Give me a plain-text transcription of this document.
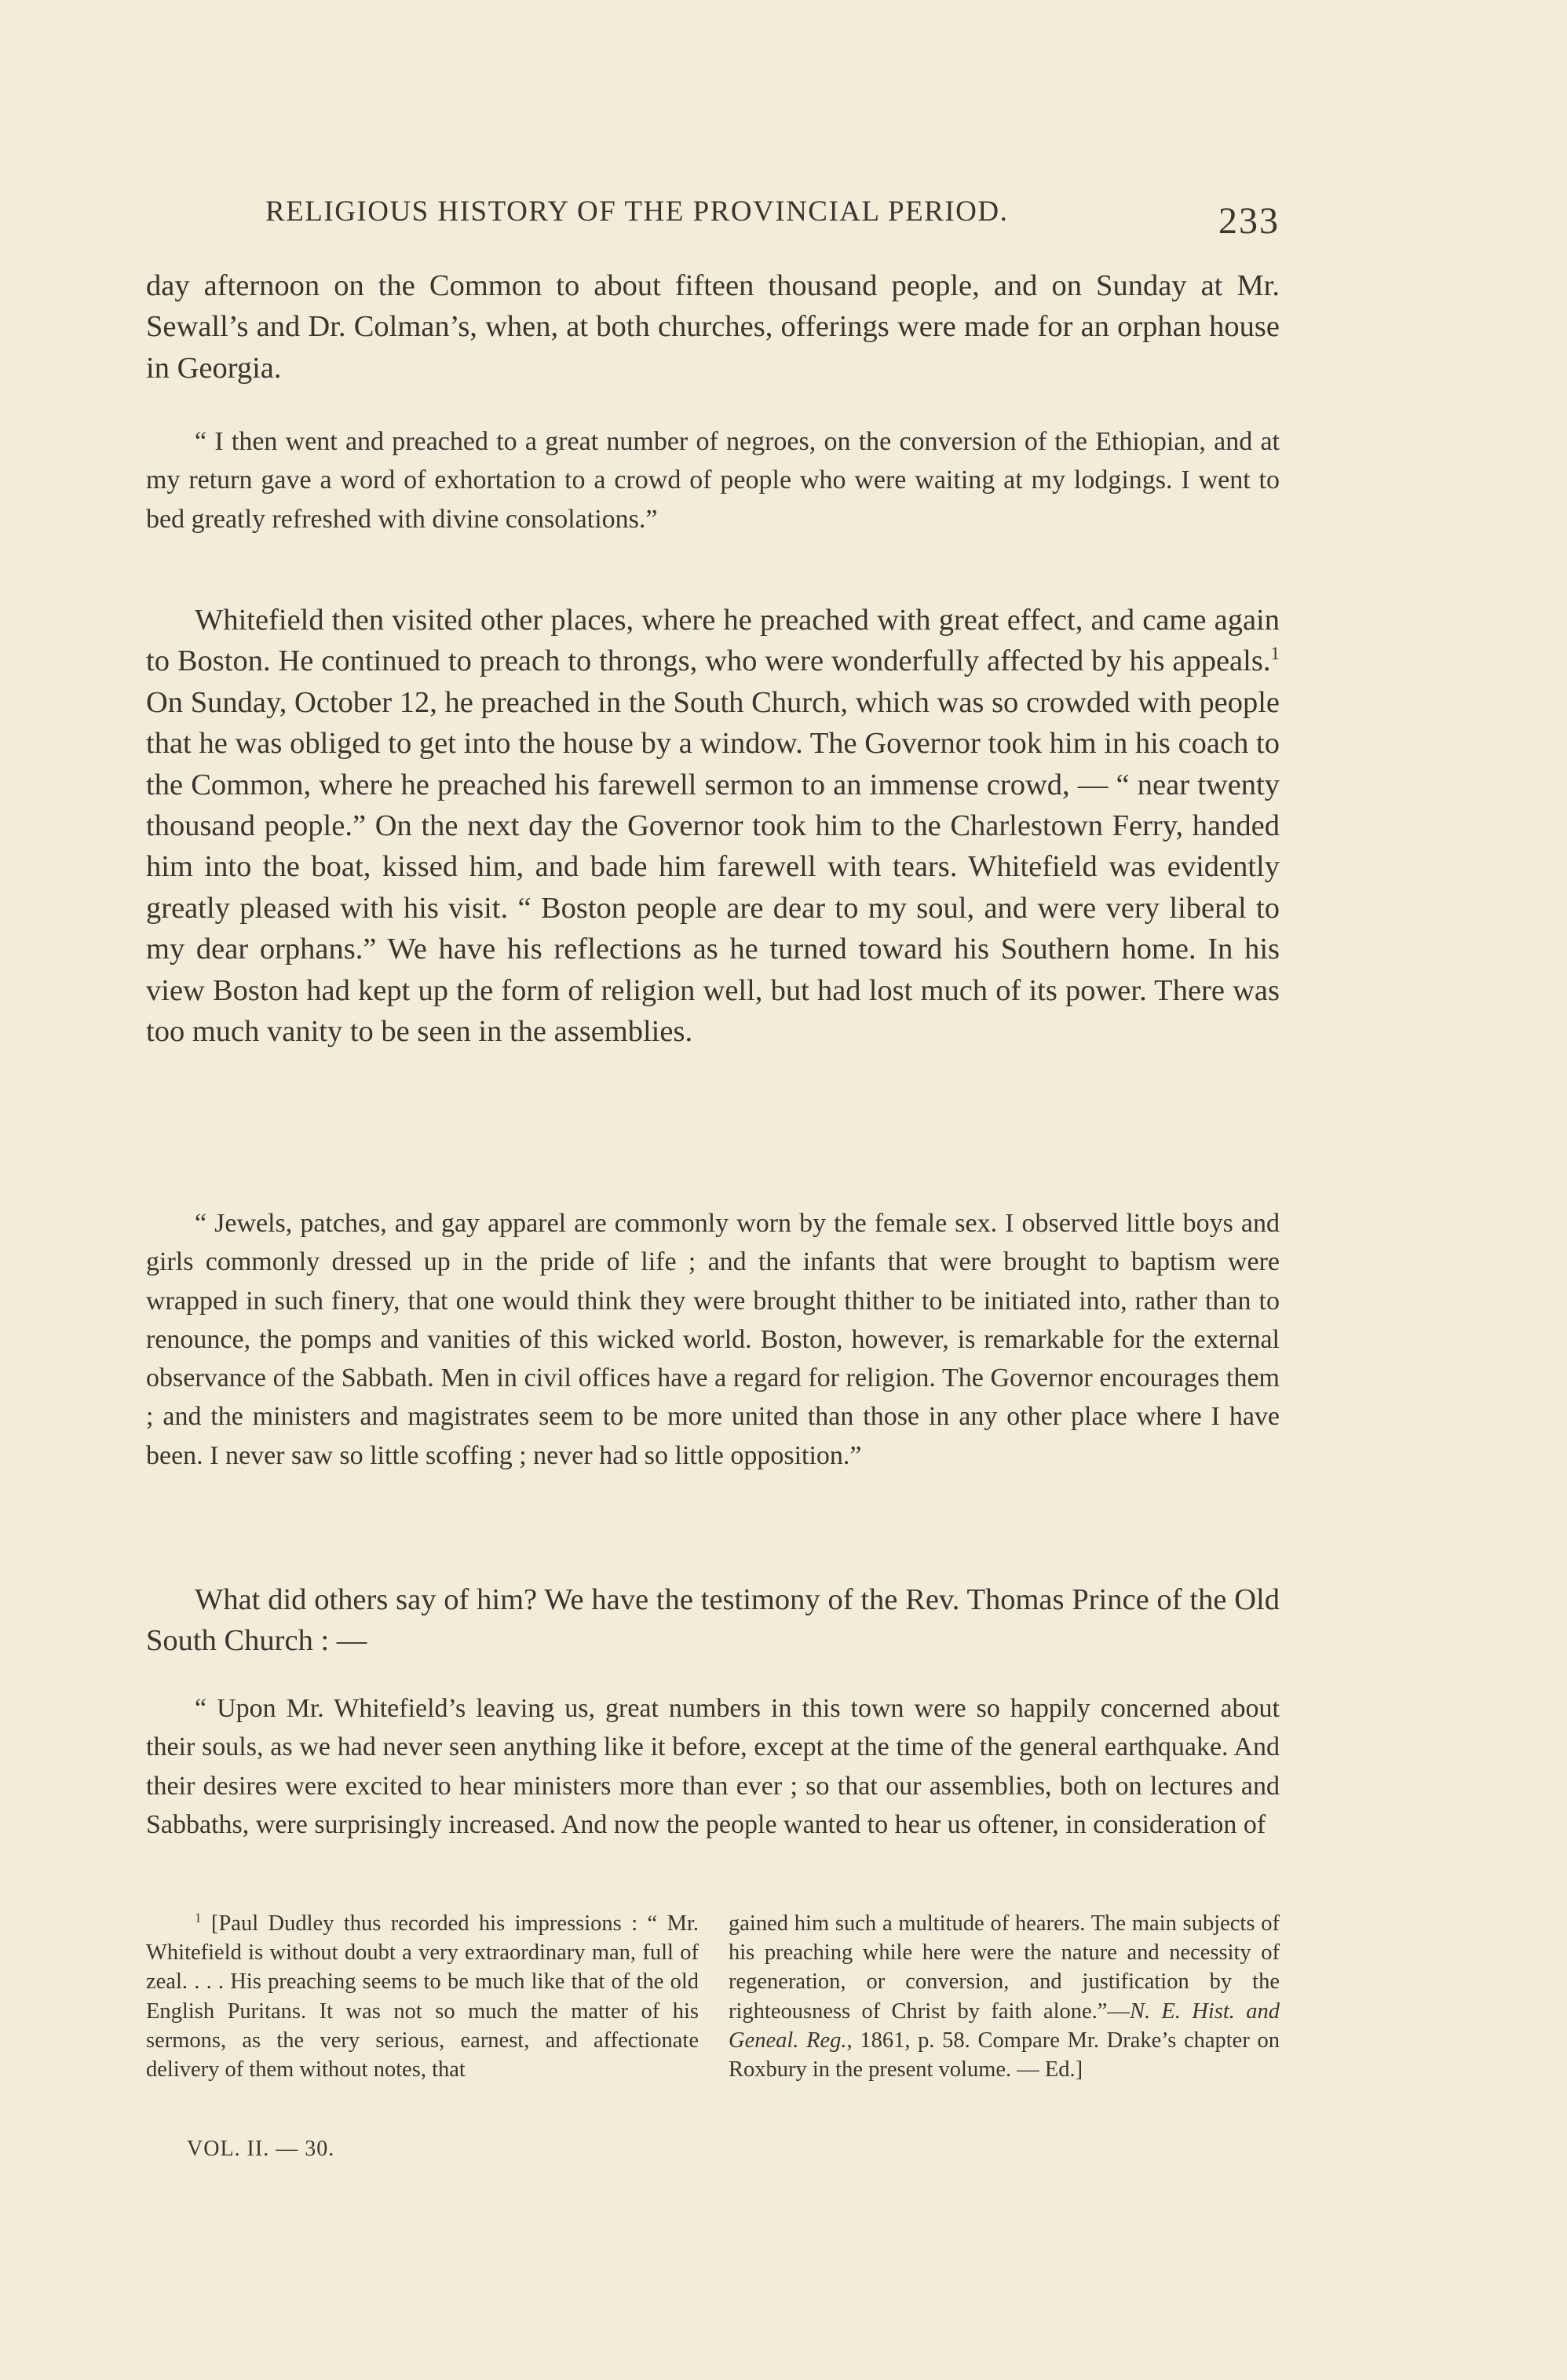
RELIGIOUS HISTORY OF THE PROVINCIAL PERIOD.	233

day afternoon on the Common to about fifteen thousand people, and on Sunday at Mr. Sewall’s and Dr. Colman’s, when, at both churches, offerings were made for an orphan house in Georgia.

“ I then went and preached to a great number of negroes, on the conversion of the Ethiopian, and at my return gave a word of exhortation to a crowd of people who were waiting at my lodgings. I went to bed greatly refreshed with divine consolations.”

Whitefield then visited other places, where he preached with great effect, and came again to Boston. He continued to preach to throngs, who were wonderfully affected by his appeals.$^1$ On Sunday, October 12, he preached in the South Church, which was so crowded with people that he was obliged to get into the house by a window. The Governor took him in his coach to the Common, where he preached his farewell sermon to an immense crowd, — “ near twenty thousand people.” On the next day the Governor took him to the Charlestown Ferry, handed him into the boat, kissed him, and bade him farewell with tears. Whitefield was evidently greatly pleased with his visit. “ Boston people are dear to my soul, and were very liberal to my dear orphans.” We have his reflections as he turned toward his Southern home. In his view Boston had kept up the form of religion well, but had lost much of its power. There was too much vanity to be seen in the assemblies.

“ Jewels, patches, and gay apparel are commonly worn by the female sex. I observed little boys and girls commonly dressed up in the pride of life ; and the infants that were brought to baptism were wrapped in such finery, that one would think they were brought thither to be initiated into, rather than to renounce, the pomps and vanities of this wicked world. Boston, however, is remarkable for the external observance of the Sabbath. Men in civil offices have a regard for religion. The Governor encourages them ; and the ministers and magistrates seem to be more united than those in any other place where I have been. I never saw so little scoffing ; never had so little opposition.”

What did others say of him? We have the testimony of the Rev. Thomas Prince of the Old South Church : —

“ Upon Mr. Whitefield’s leaving us, great numbers in this town were so happily concerned about their souls, as we had never seen anything like it before, except at the time of the general earthquake. And their desires were excited to hear ministers more than ever ; so that our assemblies, both on lectures and Sabbaths, were surprisingly increased. And now the people wanted to hear us oftener, in consideration of

$^1$ [Paul Dudley thus recorded his impressions : “ Mr. Whitefield is without doubt a very extraordinary man, full of zeal. . . . His preaching seems to be much like that of the old English Puritans. It was not so much the matter of his sermons, as the very serious, earnest, and affectionate delivery of them without notes, that

gained him such a multitude of hearers. The main subjects of his preaching while here were the nature and necessity of regeneration, or conversion, and justification by the righteousness of Christ by faith alone.”—N. E. Hist. and Geneal. Reg., 1861, p. 58. Compare Mr. Drake’s chapter on Roxbury in the present volume. — Ed.]

VOL. II. — 30.
